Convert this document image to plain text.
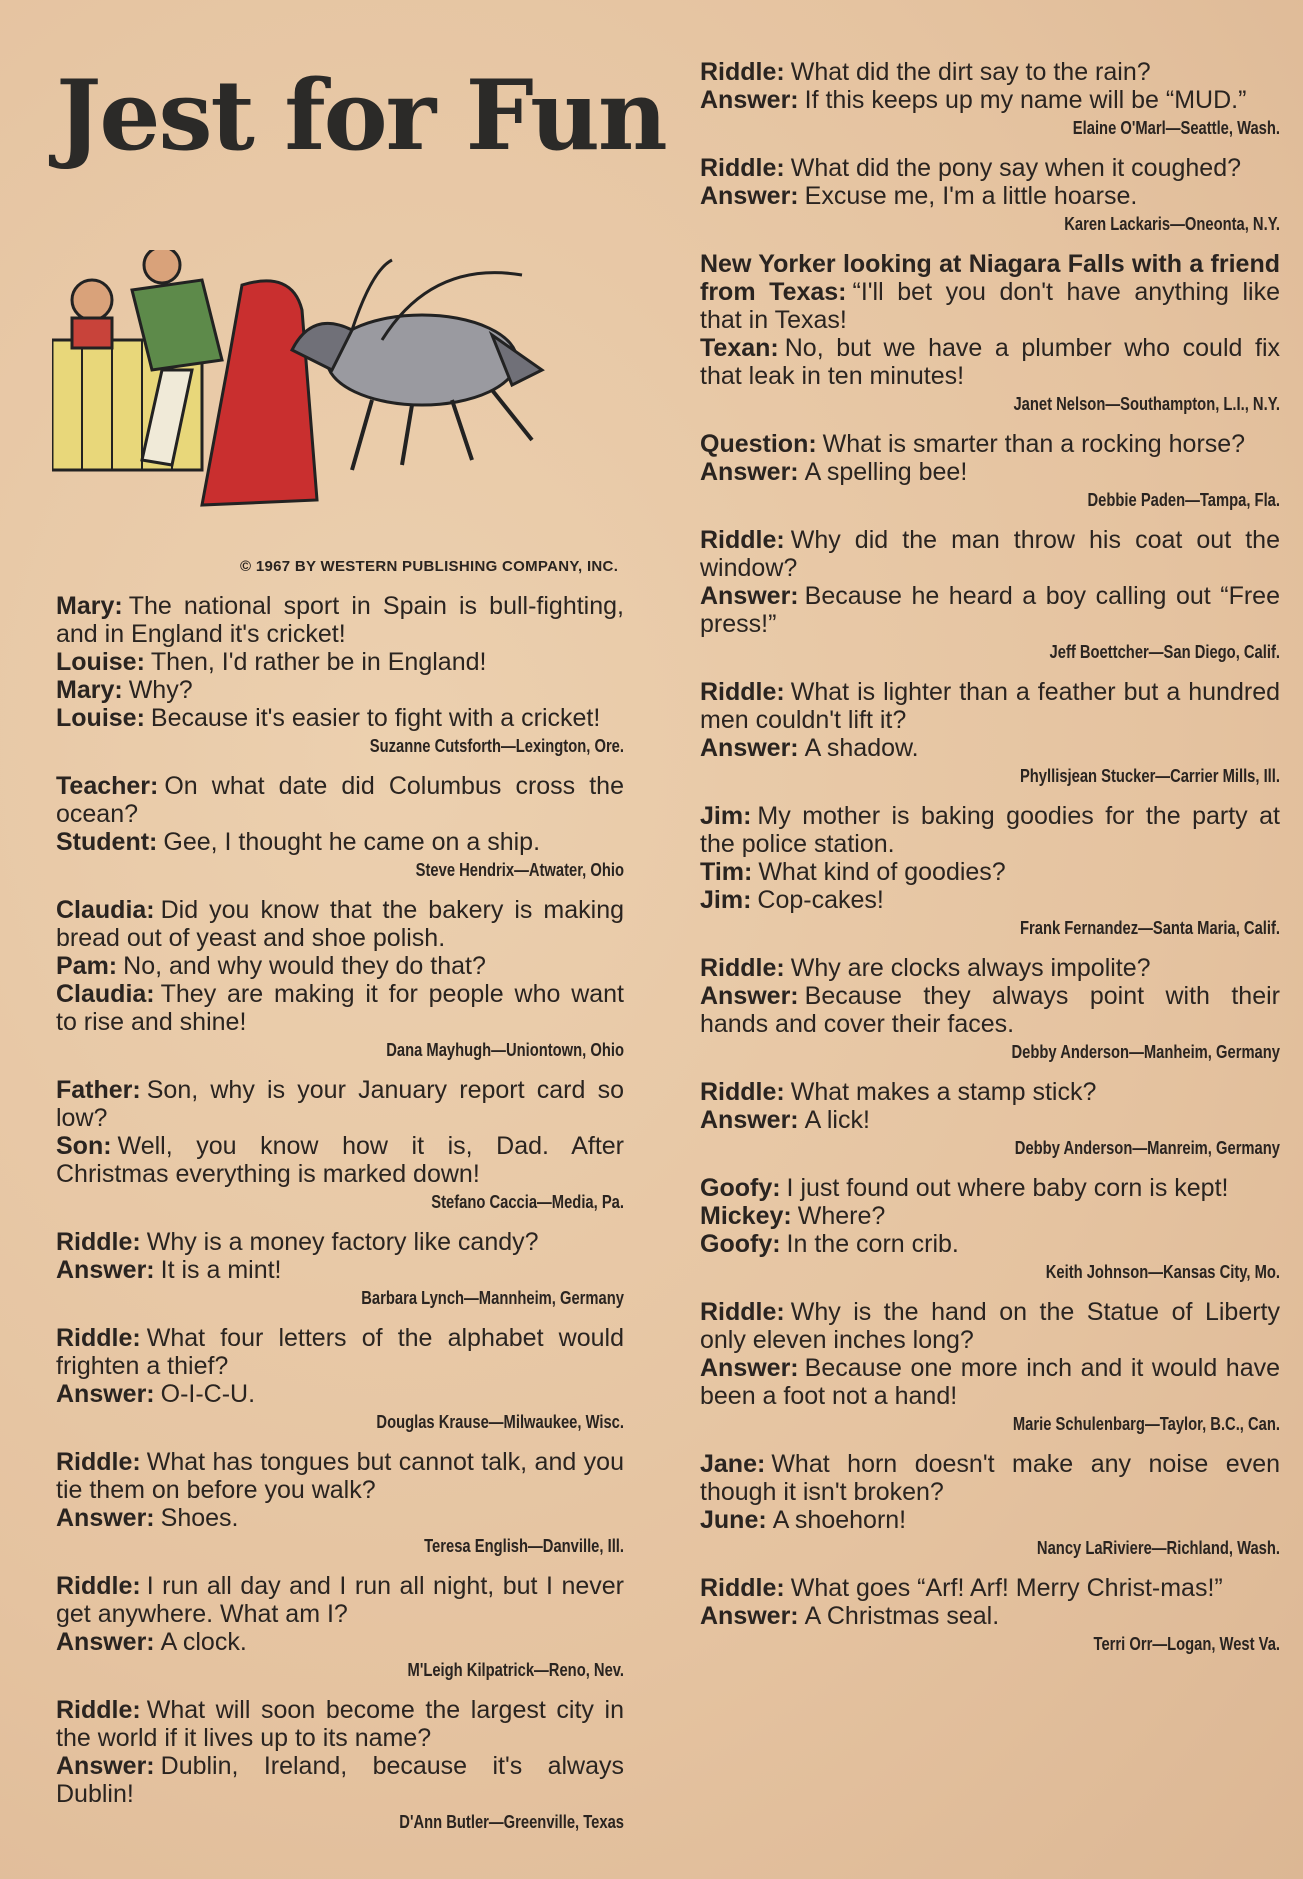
Jest for Fun
© 1967 BY WESTERN PUBLISHING COMPANY, INC.
Mary: The national sport in Spain is bull-fighting, and in England it's cricket!
Louise: Then, I'd rather be in England!
Mary: Why?
Louise: Because it's easier to fight with a cricket!
Suzanne Cutsforth—Lexington, Ore.
Teacher: On what date did Columbus cross the ocean?
Student: Gee, I thought he came on a ship.
Steve Hendrix—Atwater, Ohio
Claudia: Did you know that the bakery is making bread out of yeast and shoe polish.
Pam: No, and why would they do that?
Claudia: They are making it for people who want to rise and shine!
Dana Mayhugh—Uniontown, Ohio
Father: Son, why is your January report card so low?
Son: Well, you know how it is, Dad. After Christmas everything is marked down!
Stefano Caccia—Media, Pa.
Riddle: Why is a money factory like candy?
Answer: It is a mint!
Barbara Lynch—Mannheim, Germany
Riddle: What four letters of the alphabet would frighten a thief?
Answer: O-I-C-U.
Douglas Krause—Milwaukee, Wisc.
Riddle: What has tongues but cannot talk, and you tie them on before you walk?
Answer: Shoes.
Teresa English—Danville, Ill.
Riddle: I run all day and I run all night, but I never get anywhere. What am I?
Answer: A clock.
M'Leigh Kilpatrick—Reno, Nev.
Riddle: What will soon become the largest city in the world if it lives up to its name?
Answer: Dublin, Ireland, because it's always Dublin!
D'Ann Butler—Greenville, Texas
Riddle: What did the dirt say to the rain?
Answer: If this keeps up my name will be “MUD.”
Elaine O'Marl—Seattle, Wash.
Riddle: What did the pony say when it coughed?
Answer: Excuse me, I'm a little hoarse.
Karen Lackaris—Oneonta, N.Y.
New Yorker looking at Niagara Falls with a friend from Texas: “I'll bet you don't have anything like that in Texas!
Texan: No, but we have a plumber who could fix that leak in ten minutes!
Janet Nelson—Southampton, L.I., N.Y.
Question: What is smarter than a rocking horse?
Answer: A spelling bee!
Debbie Paden—Tampa, Fla.
Riddle: Why did the man throw his coat out the window?
Answer: Because he heard a boy calling out “Free press!”
Jeff Boettcher—San Diego, Calif.
Riddle: What is lighter than a feather but a hundred men couldn't lift it?
Answer: A shadow.
Phyllisjean Stucker—Carrier Mills, Ill.
Jim: My mother is baking goodies for the party at the police station.
Tim: What kind of goodies?
Jim: Cop-cakes!
Frank Fernandez—Santa Maria, Calif.
Riddle: Why are clocks always impolite?
Answer: Because they always point with their hands and cover their faces.
Debby Anderson—Manheim, Germany
Riddle: What makes a stamp stick?
Answer: A lick!
Debby Anderson—Manreim, Germany
Goofy: I just found out where baby corn is kept!
Mickey: Where?
Goofy: In the corn crib.
Keith Johnson—Kansas City, Mo.
Riddle: Why is the hand on the Statue of Liberty only eleven inches long?
Answer: Because one more inch and it would have been a foot not a hand!
Marie Schulenbarg—Taylor, B.C., Can.
Jane: What horn doesn't make any noise even though it isn't broken?
June: A shoehorn!
Nancy LaRiviere—Richland, Wash.
Riddle: What goes “Arf! Arf! Merry Christ-mas!”
Answer: A Christmas seal.
Terri Orr—Logan, West Va.
